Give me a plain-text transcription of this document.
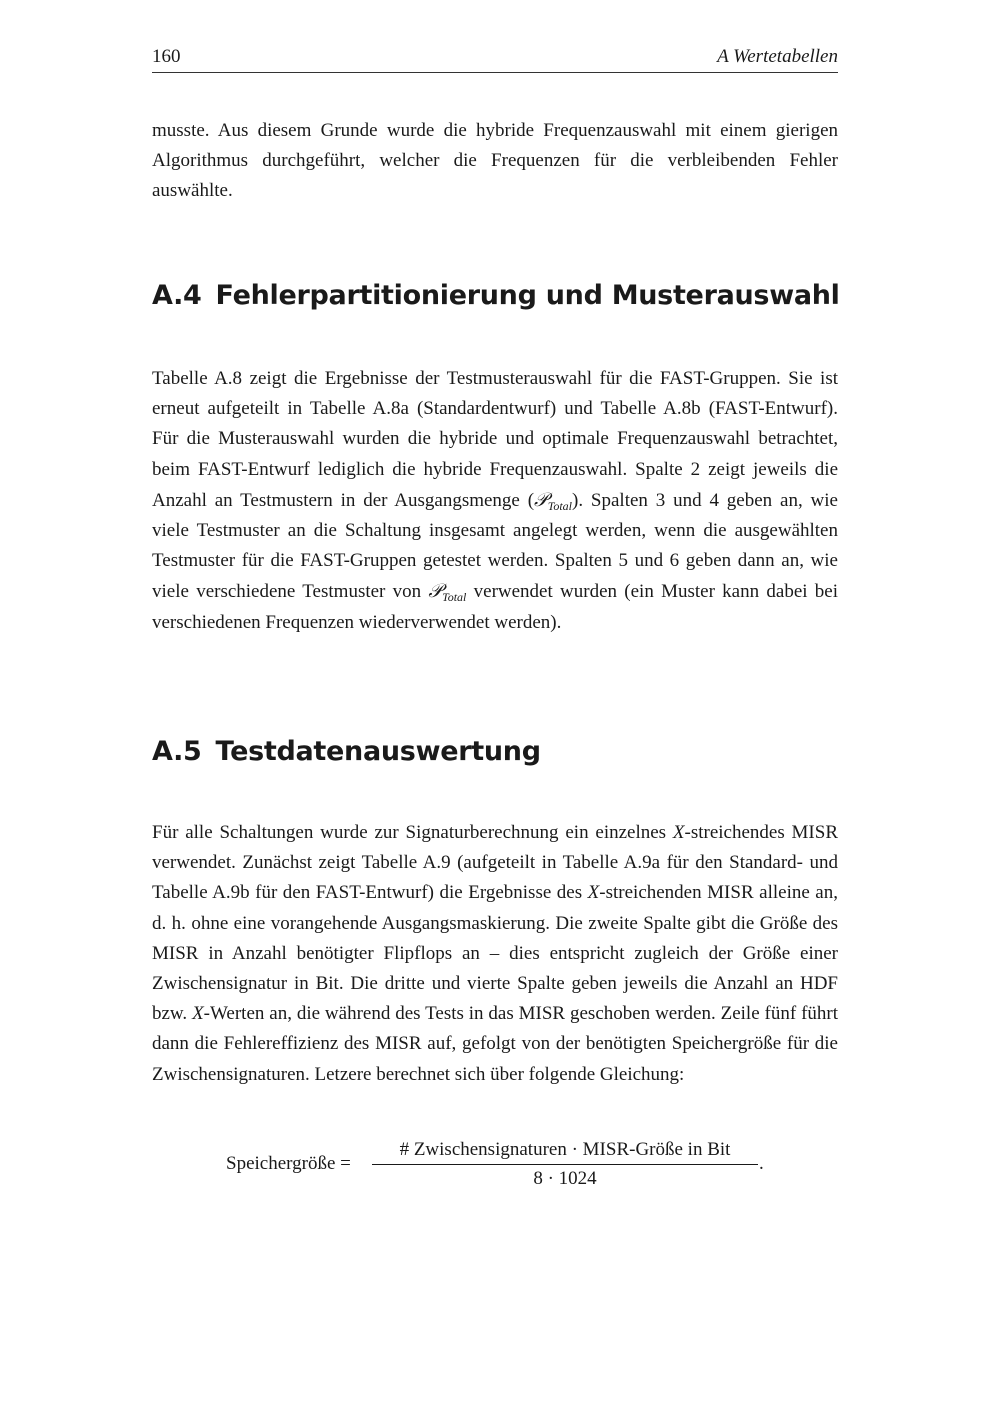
160	A Wertetabellen

musste. Aus diesem Grunde wurde die hybride Frequenzauswahl mit einem gierigen Algorithmus durchgeführt, welcher die Frequenzen für die verbleibenden Fehler auswählte.

A.4 Fehlerpartitionierung und Musterauswahl

Tabelle A.8 zeigt die Ergebnisse der Testmusterauswahl für die FAST-Gruppen. Sie ist erneut aufgeteilt in Tabelle A.8a (Standardentwurf) und Tabelle A.8b (FAST-Entwurf). Für die Musterauswahl wurden die hybride und optimale Frequenzauswahl betrachtet, beim FAST-Entwurf lediglich die hybride Frequenzauswahl. Spalte 2 zeigt jeweils die Anzahl an Testmustern in der Ausgangsmenge (𝒫$_{Total}$). Spalten 3 und 4 geben an, wie viele Testmuster an die Schaltung insgesamt angelegt werden, wenn die ausgewählten Testmuster für die FAST-Gruppen getestet werden. Spalten 5 und 6 geben dann an, wie viele verschiedene Testmuster von 𝒫$_{Total}$ verwendet wurden (ein Muster kann dabei bei verschiedenen Frequenzen wiederverwendet werden).

A.5 Testdatenauswertung

Für alle Schaltungen wurde zur Signaturberechnung ein einzelnes X-streichendes MISR verwendet. Zunächst zeigt Tabelle A.9 (aufgeteilt in Tabelle A.9a für den Standard- und Tabelle A.9b für den FAST-Entwurf) die Ergebnisse des X-streichenden MISR alleine an, d. h. ohne eine vorangehende Ausgangsmaskierung. Die zweite Spalte gibt die Größe des MISR in Anzahl benötigter Flipflops an – dies entspricht zugleich der Größe einer Zwischensignatur in Bit. Die dritte und vierte Spalte geben jeweils die Anzahl an HDF bzw. X-Werten an, die während des Tests in das MISR geschoben werden. Zeile fünf führt dann die Fehlereffizienz des MISR auf, gefolgt von der benötigten Speichergröße für die Zwischensignaturen. Letzere berechnet sich über folgende Gleichung:

Speichergröße =
# Zwischensignaturen · MISR-Größe in Bit
8 · 1024
.
